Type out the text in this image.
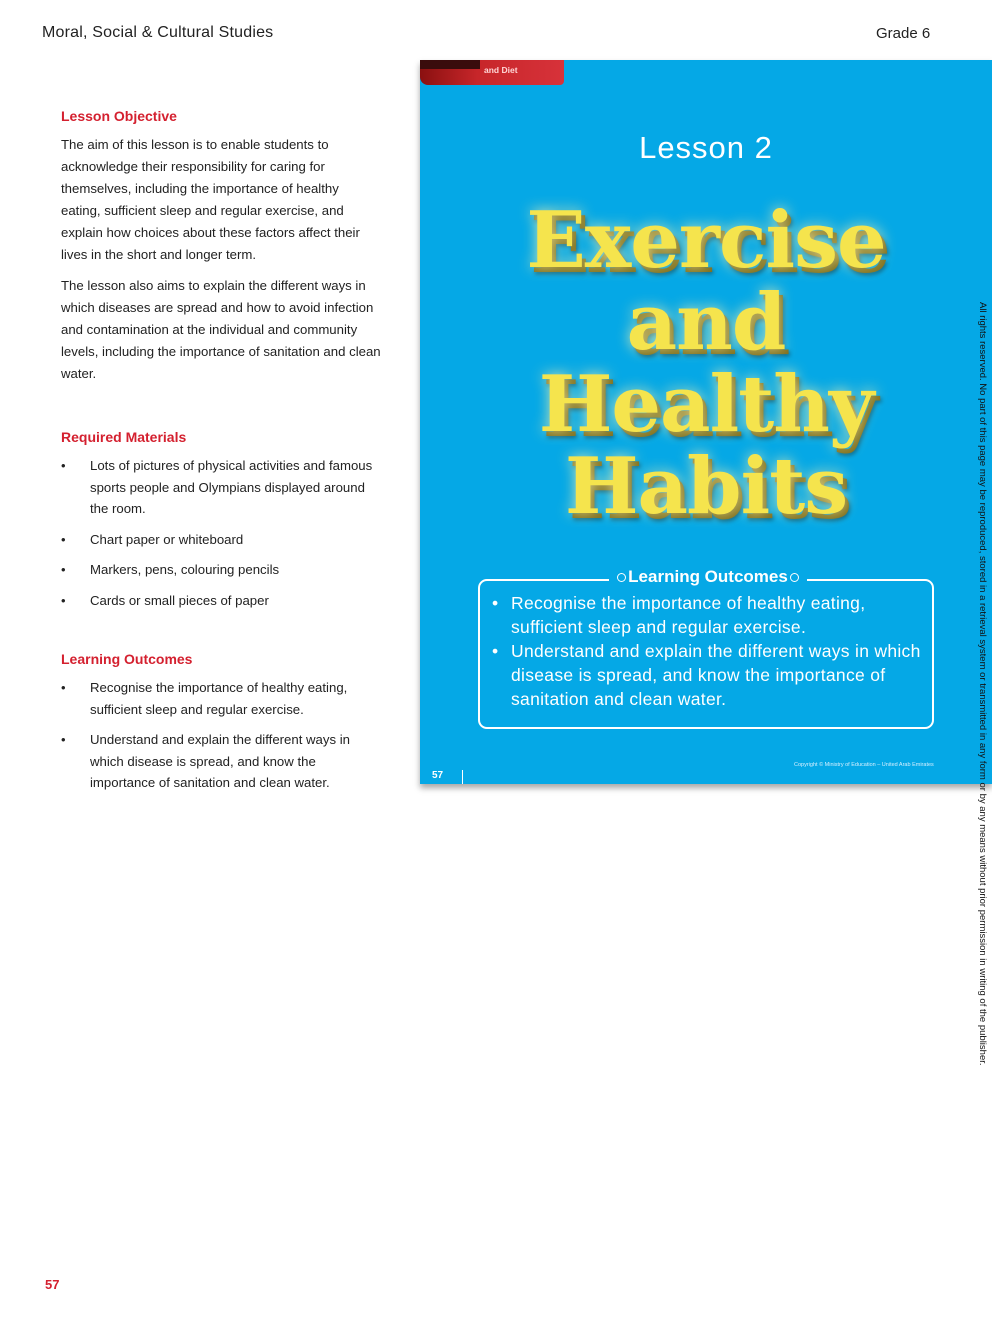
Moral, Social & Cultural Studies	Grade 6
Lesson Objective

The aim of this lesson is to enable students to acknowledge their responsibility for caring for themselves, including the importance of healthy eating, sufficient sleep and regular exercise, and explain how choices about these factors affect their lives in the short and longer term.

The lesson also aims to explain the different ways in which diseases are spread and how to avoid infection and contamination at the individual and community levels, including the importance of sanitation and clean water.

Required Materials
• Lots of pictures of physical activities and famous sports people and Olympians displayed around the room.
• Chart paper or whiteboard
• Markers, pens, colouring pencils
• Cards or small pieces of paper
Learning Outcomes
• Recognise the importance of healthy eating, sufficient sleep and regular exercise.
• Understand and explain the different ways in which disease is spread, and know the importance of sanitation and clean water.
57
and Diet
Lesson 2
Exercise
and
Healthy
Habits
Learning Outcomes
• Recognise the importance of healthy eating, sufficient sleep and regular exercise.
• Understand and explain the different ways in which disease is spread, and know the importance of sanitation and clean water.
57
Copyright © Ministry of Education – United Arab Emirates	All rights reserved. No part of this page may be reproduced, stored in a retrieval system or transmitted in any form or by any means without prior permission in writing of the publisher.
